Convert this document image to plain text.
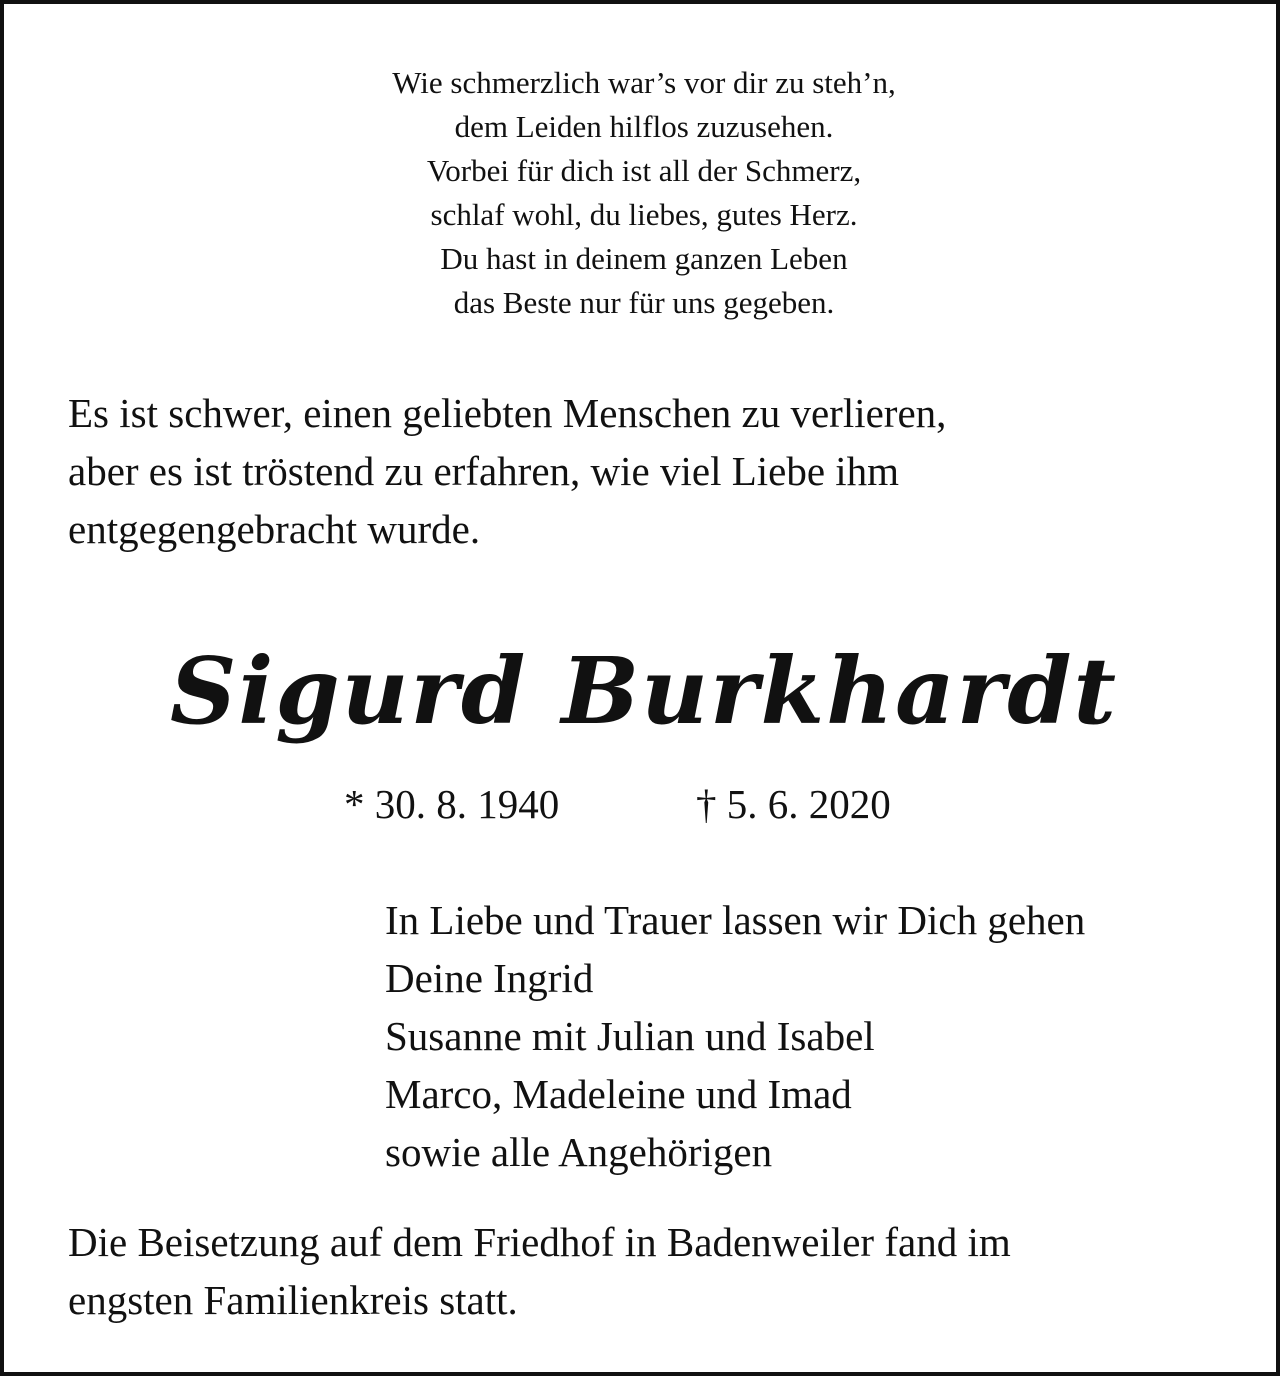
Wie schmerzlich war’s vor dir zu steh’n,
dem Leiden hilflos zuzusehen.
Vorbei für dich ist all der Schmerz,
schlaf wohl, du liebes, gutes Herz.
Du hast in deinem ganzen Leben
das Beste nur für uns gegeben.
Es ist schwer, einen geliebten Menschen zu verlieren,
aber es ist tröstend zu erfahren, wie viel Liebe ihm
entgegengebracht wurde.
Sigurd Burkhardt
* 30. 8. 1940	† 5. 6. 2020
In Liebe und Trauer lassen wir Dich gehen
Deine Ingrid
Susanne mit Julian und Isabel
Marco, Madeleine und Imad
sowie alle Angehörigen
Die Beisetzung auf dem Friedhof in Badenweiler fand im
engsten Familienkreis statt.
